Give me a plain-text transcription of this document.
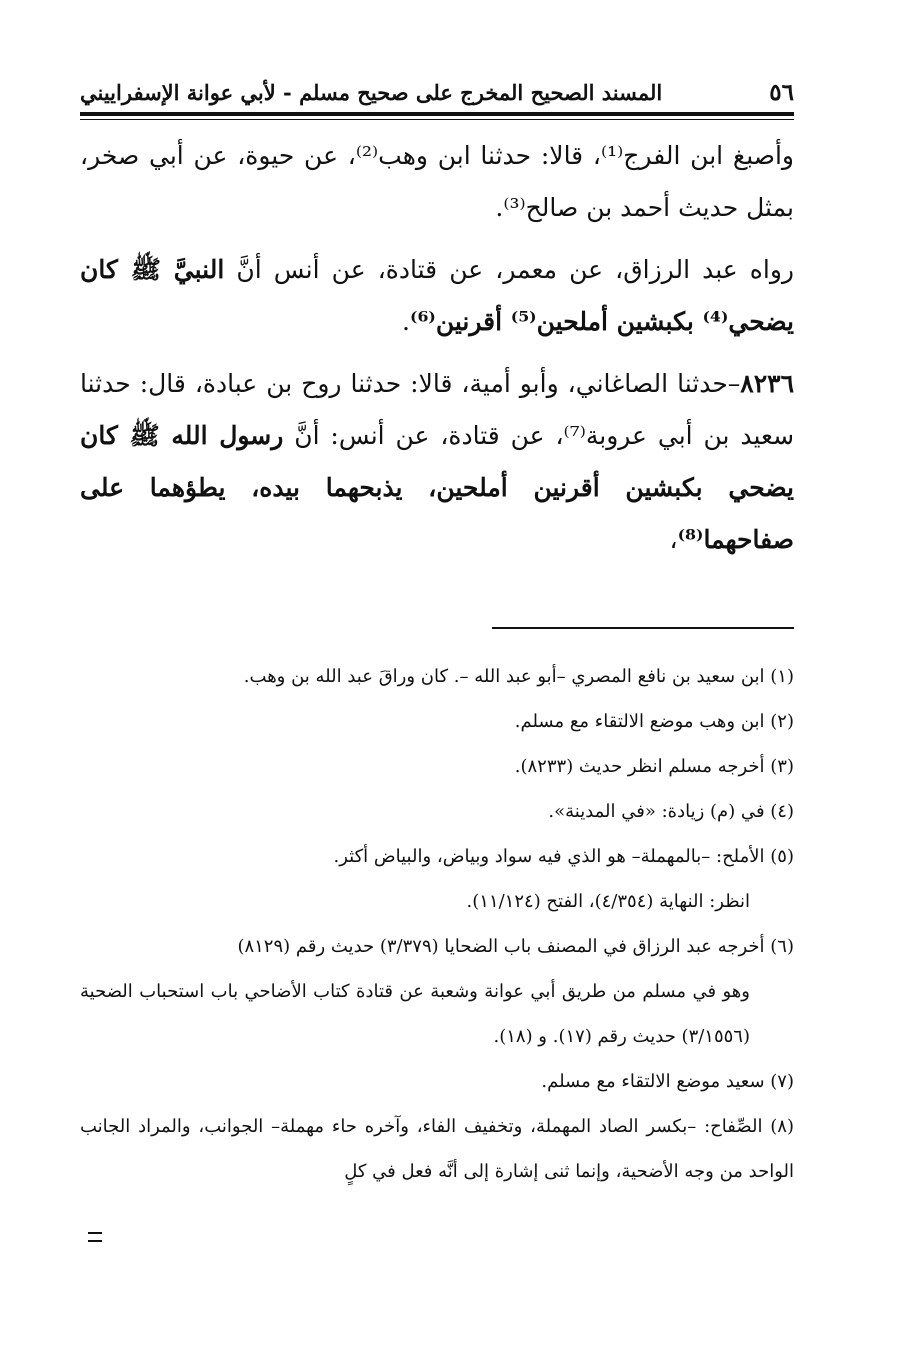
٥٦
المسند الصحيح المخرج على صحيح مسلم - لأبي عوانة الإسفراييني

وأصبغ ابن الفرج⁽¹⁾، قالا: حدثنا ابن وهب⁽²⁾، عن حيوة، عن أبي صخر، بمثل حديث أحمد بن صالح⁽³⁾.

رواه عبد الرزاق، عن معمر، عن قتادة، عن أنس أنَّ النبيَّ ﷺ كان يضحي⁽⁴⁾ بكبشين أملحين⁽⁵⁾ أقرنين⁽⁶⁾.

٨٢٣٦–حدثنا الصاغاني، وأبو أمية، قالا: حدثنا روح بن عبادة، قال: حدثنا سعيد بن أبي عروبة⁽⁷⁾، عن قتادة، عن أنس: أنَّ رسول الله ﷺ كان يضحي بكبشين أقرنين أملحين، يذبحهما بيده، يطؤهما على صفاحهما⁽⁸⁾،

(١) ابن سعيد بن نافع المصري –أبو عبد الله –. كان وراقَ عبد الله بن وهب.

(٢) ابن وهب موضع الالتقاء مع مسلم.

(٣) أخرجه مسلم انظر حديث (٨٢٣٣).

(٤) في (م) زيادة: «في المدينة».

(٥) الأملح: –بالمهملة– هو الذي فيه سواد وبياض، والبياض أكثر.

انظر: النهاية (٤/٣٥٤)، الفتح (١١/١٢٤).

(٦) أخرجه عبد الرزاق في المصنف باب الضحايا (٣/٣٧٩) حديث رقم (٨١٢٩)

وهو في مسلم من طريق أبي عوانة وشعبة عن قتادة كتاب الأضاحي باب استحباب الضحية (٣/١٥٥٦) حديث رقم (١٧). و (١٨).

(٧) سعيد موضع الالتقاء مع مسلم.

(٨) الصِّفاح: –بكسر الصاد المهملة، وتخفيف الفاء، وآخره حاء مهملة– الجوانب، والمراد الجانب الواحد من وجه الأضحية، وإنما ثنى إشارة إلى أنَّه فعل في كلٍ
